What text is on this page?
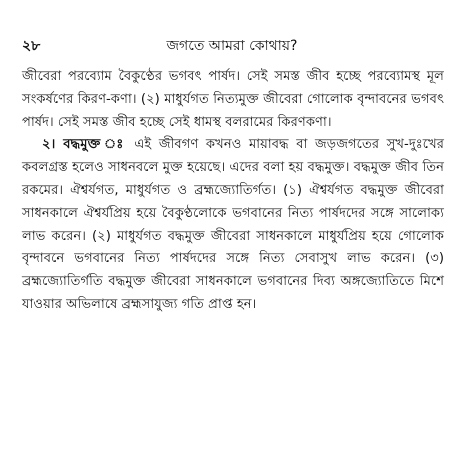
২৮	জগতে আমরা কোথায়?

জীবেরা পরব্যোম বৈকুণ্ঠের ভগবৎ পার্ষদ। সেই সমস্ত জীব হচ্ছে পরব্যোমস্থ মূল সংকর্ষণের কিরণ-কণা। (২) মাধুর্যগত নিত্যমুক্ত জীবেরা গোলোক বৃন্দাবনের ভগবৎ পার্ষদ। সেই সমস্ত জীব হচ্ছে সেই ধামস্থ বলরামের কিরণকণা।

২। বদ্ধমুক্ত ঃ এই জীবগণ কখনও মায়াবদ্ধ বা জড়জগতের সুখ-দুঃখের কবলগ্রস্ত হলেও সাধনবলে মুক্ত হয়েছে। এদের বলা হয় বদ্ধমুক্ত। বদ্ধমুক্ত জীব তিন রকমের। ঐশ্বর্যগত, মাধুর্যগত ও ব্রহ্মজ্যোতির্গত। (১) ঐশ্বর্যগত বদ্ধমুক্ত জীবেরা সাধনকালে ঐশ্বর্যপ্রিয় হয়ে বৈকুণ্ঠলোকে ভগবানের নিত্য পার্ষদদের সঙ্গে সালোক্য লাভ করেন। (২) মাধুর্যগত বদ্ধমুক্ত জীবেরা সাধনকালে মাধুর্যপ্রিয় হয়ে গোলোক বৃন্দাবনে ভগবানের নিত্য পার্ষদদের সঙ্গে নিত্য সেবাসুখ লাভ করেন। (৩) ব্রহ্মজ্যোতির্গতি বদ্ধমুক্ত জীবেরা সাধনকালে ভগবানের দিব্য অঙ্গজ্যোতিতে মিশে যাওয়ার অভিলাষে ব্রহ্মসাযুজ্য গতি প্রাপ্ত হন।
